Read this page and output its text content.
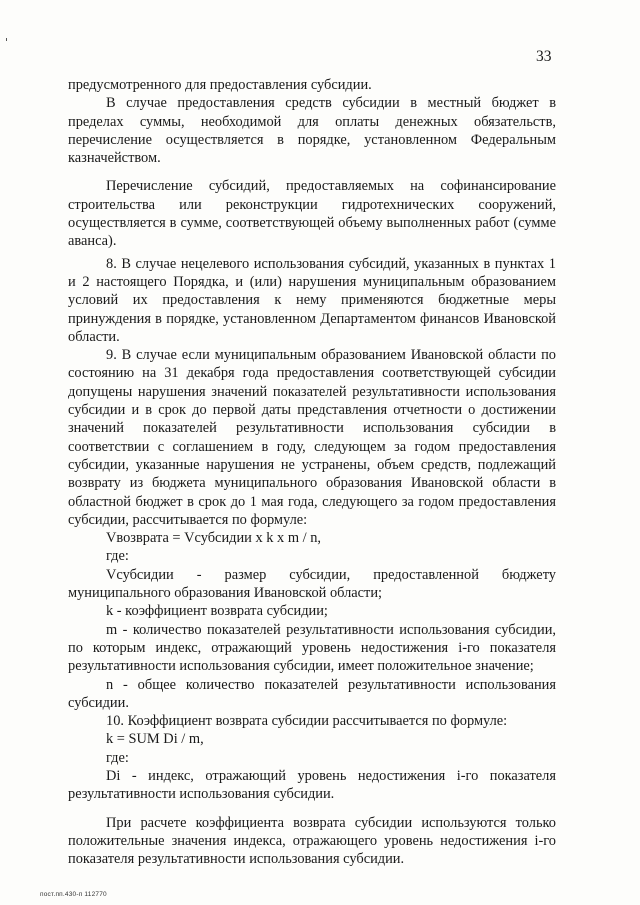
33

предусмотренного для предоставления субсидии.

В случае предоставления средств субсидии в местный бюджет в пределах суммы, необходимой для оплаты денежных обязательств, перечисление осуществляется в порядке, установленном Федеральным казначейством.

Перечисление субсидий, предоставляемых на софинансирование строительства или реконструкции гидротехнических сооружений, осуществляется в сумме, соответствующей объему выполненных работ (сумме аванса).

8. В случае нецелевого использования субсидий, указанных в пунктах 1 и 2 настоящего Порядка, и (или) нарушения муниципальным образованием условий их предоставления к нему применяются бюджетные меры принуждения в порядке, установленном Департаментом финансов Ивановской области.

9. В случае если муниципальным образованием Ивановской области по состоянию на 31 декабря года предоставления соответствующей субсидии допущены нарушения значений показателей результативности использования субсидии и в срок до первой даты представления отчетности о достижении значений показателей результативности использования субсидии в соответствии с соглашением в году, следующем за годом предоставления субсидии, указанные нарушения не устранены, объем средств, подлежащий возврату из бюджета муниципального образования Ивановской области в областной бюджет в срок до 1 мая года, следующего за годом предоставления субсидии, рассчитывается по формуле:

Vвозврата = Vсубсидии x k x m / n,

где:

Vсубсидии - размер субсидии, предоставленной бюджету муниципального образования Ивановской области;

k - коэффициент возврата субсидии;

m - количество показателей результативности использования субсидии, по которым индекс, отражающий уровень недостижения i-го показателя результативности использования субсидии, имеет положительное значение;

n - общее количество показателей результативности использования субсидии.

10. Коэффициент возврата субсидии рассчитывается по формуле:

k = SUM Di / m,

где:

Di - индекс, отражающий уровень недостижения i-го показателя результативности использования субсидии.

При расчете коэффициента возврата субсидии используются только положительные значения индекса, отражающего уровень недостижения i-го показателя результативности использования субсидии.

пост.пп.430-п 112770
